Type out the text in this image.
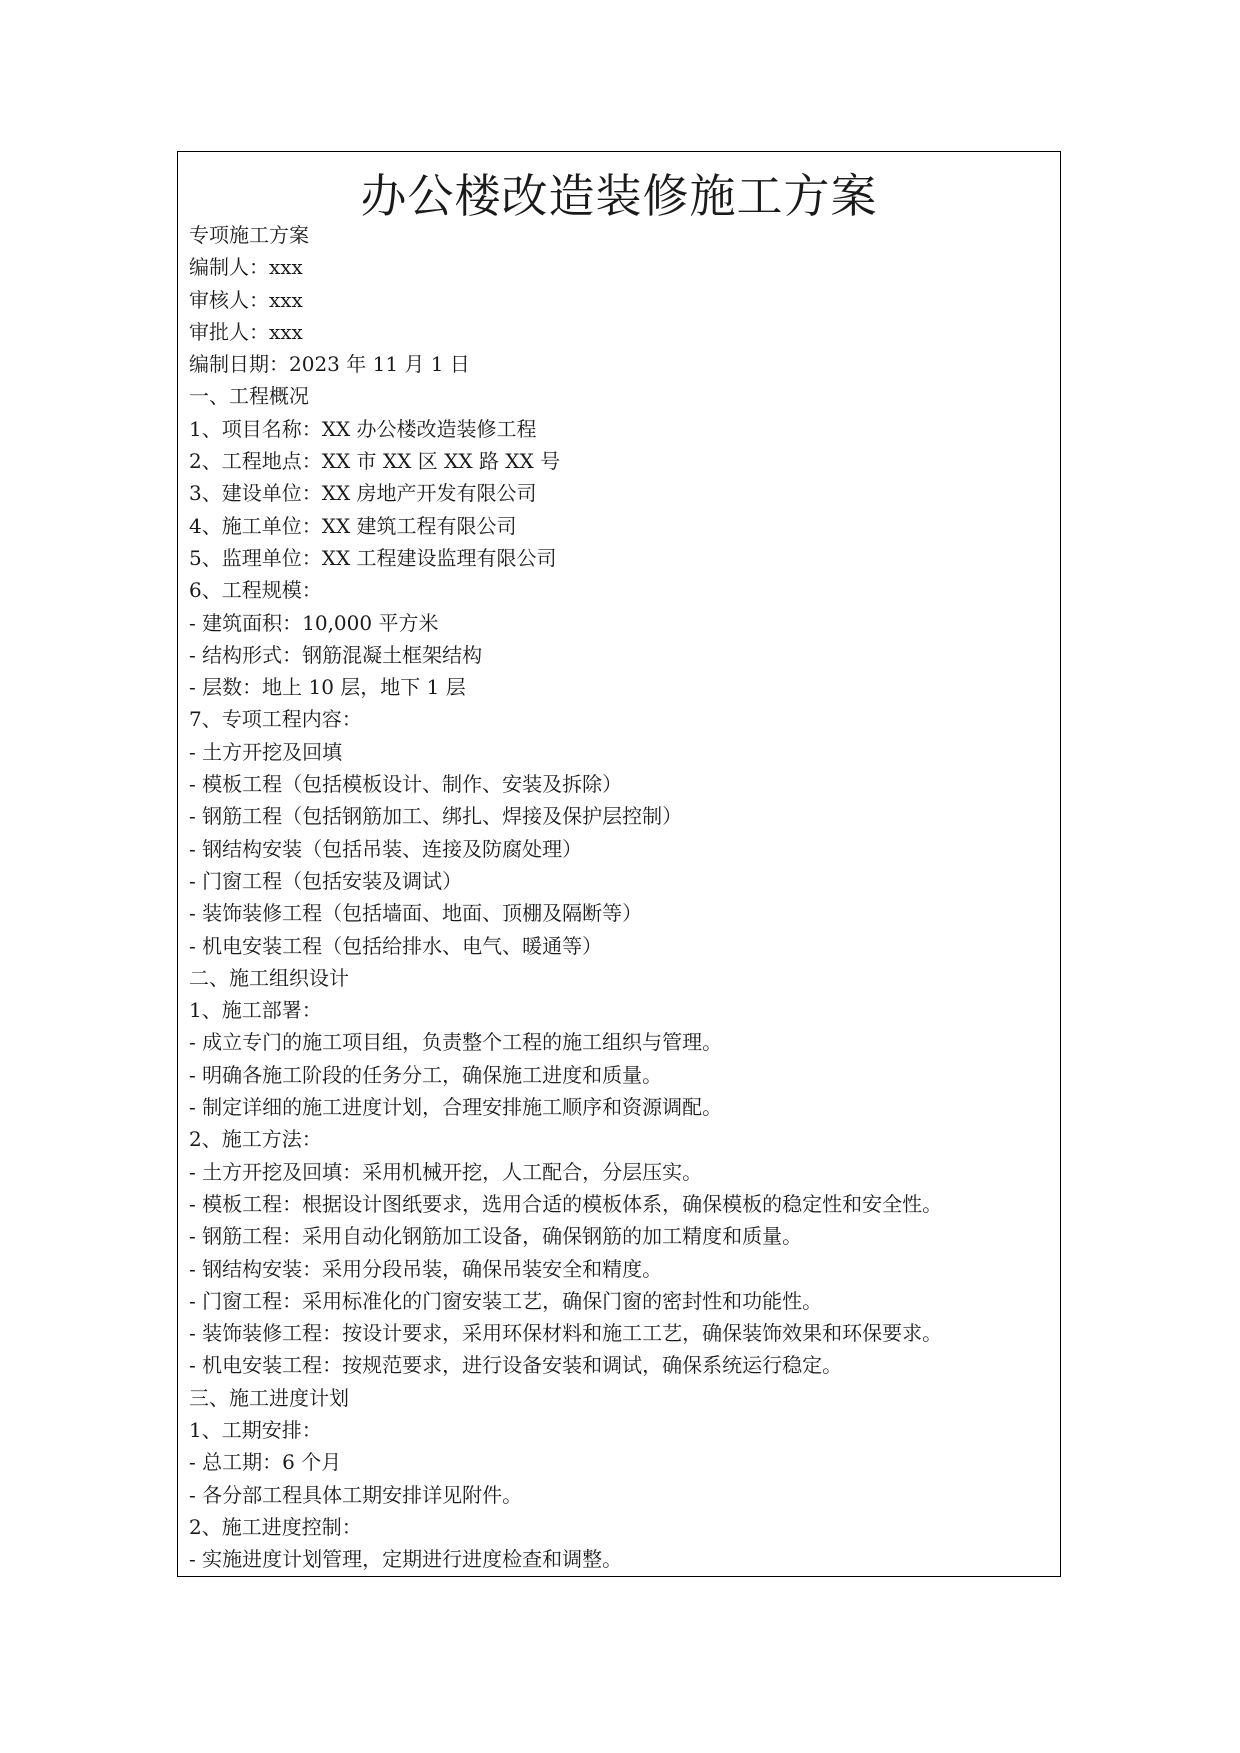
办公楼改造装修施工方案
专项施工方案
编制人：xxx
审核人：xxx
审批人：xxx
编制日期：2023 年 11 月 1 日
一、工程概况
1、项目名称：XX 办公楼改造装修工程
2、工程地点：XX 市 XX 区 XX 路 XX 号
3、建设单位：XX 房地产开发有限公司
4、施工单位：XX 建筑工程有限公司
5、监理单位：XX 工程建设监理有限公司
6、工程规模：
- 建筑面积：10,000 平方米
- 结构形式：钢筋混凝土框架结构
- 层数：地上 10 层，地下 1 层
7、专项工程内容：
- 土方开挖及回填
- 模板工程（包括模板设计、制作、安装及拆除）
- 钢筋工程（包括钢筋加工、绑扎、焊接及保护层控制）
- 钢结构安装（包括吊装、连接及防腐处理）
- 门窗工程（包括安装及调试）
- 装饰装修工程（包括墙面、地面、顶棚及隔断等）
- 机电安装工程（包括给排水、电气、暖通等）
二、施工组织设计
1、施工部署：
- 成立专门的施工项目组，负责整个工程的施工组织与管理。
- 明确各施工阶段的任务分工，确保施工进度和质量。
- 制定详细的施工进度计划，合理安排施工顺序和资源调配。
2、施工方法：
- 土方开挖及回填：采用机械开挖，人工配合，分层压实。
- 模板工程：根据设计图纸要求，选用合适的模板体系，确保模板的稳定性和安全性。
- 钢筋工程：采用自动化钢筋加工设备，确保钢筋的加工精度和质量。
- 钢结构安装：采用分段吊装，确保吊装安全和精度。
- 门窗工程：采用标准化的门窗安装工艺，确保门窗的密封性和功能性。
- 装饰装修工程：按设计要求，采用环保材料和施工工艺，确保装饰效果和环保要求。
- 机电安装工程：按规范要求，进行设备安装和调试，确保系统运行稳定。
三、施工进度计划
1、工期安排：
- 总工期：6 个月
- 各分部工程具体工期安排详见附件。
2、施工进度控制：
- 实施进度计划管理，定期进行进度检查和调整。
